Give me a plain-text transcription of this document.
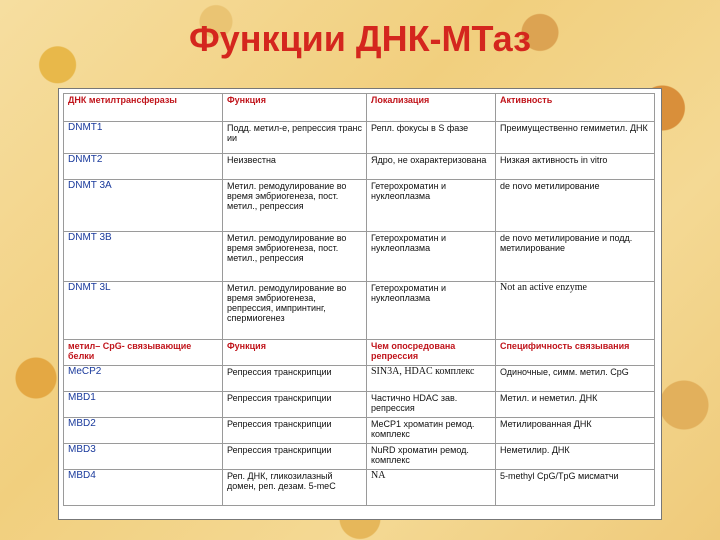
Функции ДНК-МТаз
ДНК метилтрансферазы	Функция	Локализация	Активность
DNMT1	Подд. метил-е, репрессия транс ии	Репл. фокусы в S фазе	Преимущественно гемиметил. ДНК
DNMT2	Неизвестна	Ядро, не охарактеризована	Низкая активность in vitro
DNMT 3A	Метил. ремодулирование во время эмбриогенеза, пост. метил., репрессия	Гетерохроматин и нуклеоплазма	de novo метилирование
DNMT 3B	Метил. ремодулирование во время эмбриогенеза, пост. метил., репрессия	Гетерохроматин и нуклеоплазма	de novo метилирование и подд. метилирование
DNMT 3L	Метил. ремодулирование во время эмбриогенеза, репрессия, импринтинг, спермиогенез	Гетерохроматин и нуклеоплазма	Not an active enzyme
метил– CpG- связывающие белки	Функция	Чем опосредована репрессия	Специфичность связывания
MeCP2	Репрессия транскрипции	SIN3A, HDAC комплекс	Одиночные, симм. метил. CpG
MBD1	Репрессия транскрипции	Частично HDAC зав. репрессия	Метил. и неметил. ДНК
MBD2	Репрессия транскрипции	MeCP1 хроматин ремод. комплекс	Метилированная ДНК
MBD3	Репрессия транскрипции	NuRD хроматин ремод. комплекс	Неметилир. ДНК
MBD4	Реп. ДНК, гликозилазный домен, реп. дезам. 5-meC	NA	5-methyl CpG/TpG мисматчи
